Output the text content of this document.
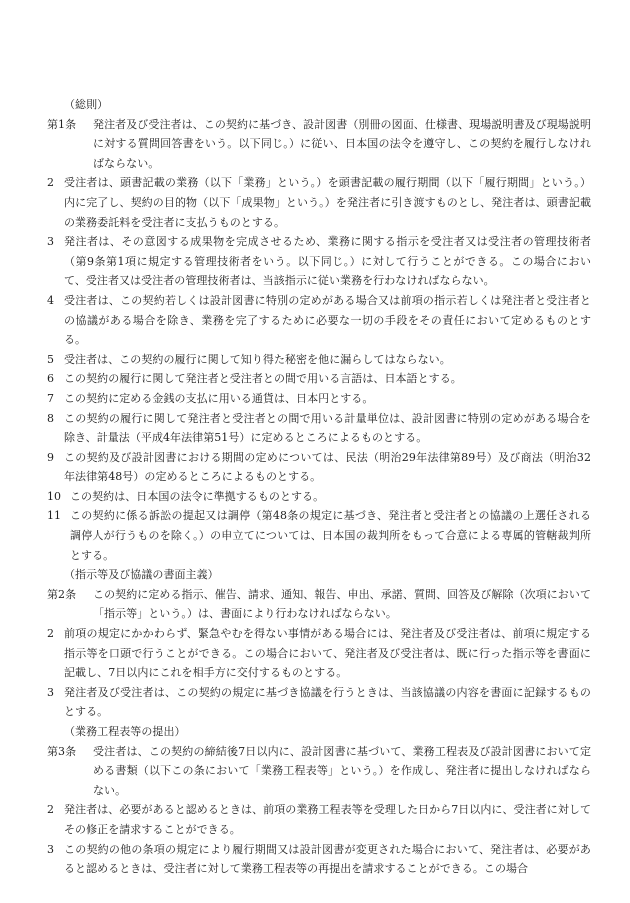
（総則）
第1条	発注者及び受注者は、この契約に基づき、設計図書（別冊の図面、仕様書、現場説明書及び現場説明に対する質問回答書をいう。以下同じ。）に従い、日本国の法令を遵守し、この契約を履行しなければならない。
2 受注者は、頭書記載の業務（以下「業務」という。）を頭書記載の履行期間（以下「履行期間」という。）内に完了し、契約の目的物（以下「成果物」という。）を発注者に引き渡すものとし、発注者は、頭書記載の業務委託料を受注者に支払うものとする。
3 発注者は、その意図する成果物を完成させるため、業務に関する指示を受注者又は受注者の管理技術者（第9条第1項に規定する管理技術者をいう。以下同じ。）に対して行うことができる。この場合において、受注者又は受注者の管理技術者は、当該指示に従い業務を行わなければならない。
4 受注者は、この契約若しくは設計図書に特別の定めがある場合又は前項の指示若しくは発注者と受注者との協議がある場合を除き、業務を完了するために必要な一切の手段をその責任において定めるものとする。
5 受注者は、この契約の履行に関して知り得た秘密を他に漏らしてはならない。
6 この契約の履行に関して発注者と受注者との間で用いる言語は、日本語とする。
7 この契約に定める金銭の支払に用いる通貨は、日本円とする。
8 この契約の履行に関して発注者と受注者との間で用いる計量単位は、設計図書に特別の定めがある場合を除き、計量法（平成4年法律第51号）に定めるところによるものとする。
9 この契約及び設計図書における期間の定めについては、民法（明治29年法律第89号）及び商法（明治32年法律第48号）の定めるところによるものとする。
10 この契約は、日本国の法令に準拠するものとする。
11 この契約に係る訴訟の提起又は調停（第48条の規定に基づき、発注者と受注者との協議の上選任される調停人が行うものを除く。）の申立てについては、日本国の裁判所をもって合意による専属的管轄裁判所とする。
（指示等及び協議の書面主義）
第2条	この契約に定める指示、催告、請求、通知、報告、申出、承諾、質問、回答及び解除（次項において「指示等」という。）は、書面により行わなければならない。
2 前項の規定にかかわらず、緊急やむを得ない事情がある場合には、発注者及び受注者は、前項に規定する指示等を口頭で行うことができる。この場合において、発注者及び受注者は、既に行った指示等を書面に記載し、7日以内にこれを相手方に交付するものとする。
3 発注者及び受注者は、この契約の規定に基づき協議を行うときは、当該協議の内容を書面に記録するものとする。
（業務工程表等の提出）
第3条	受注者は、この契約の締結後7日以内に、設計図書に基づいて、業務工程表及び設計図書において定める書類（以下この条において「業務工程表等」という。）を作成し、発注者に提出しなければならない。
2 発注者は、必要があると認めるときは、前項の業務工程表等を受理した日から7日以内に、受注者に対してその修正を請求することができる。
3 この契約の他の条項の規定により履行期間又は設計図書が変更された場合において、発注者は、必要があると認めるときは、受注者に対して業務工程表等の再提出を請求することができる。この場合
